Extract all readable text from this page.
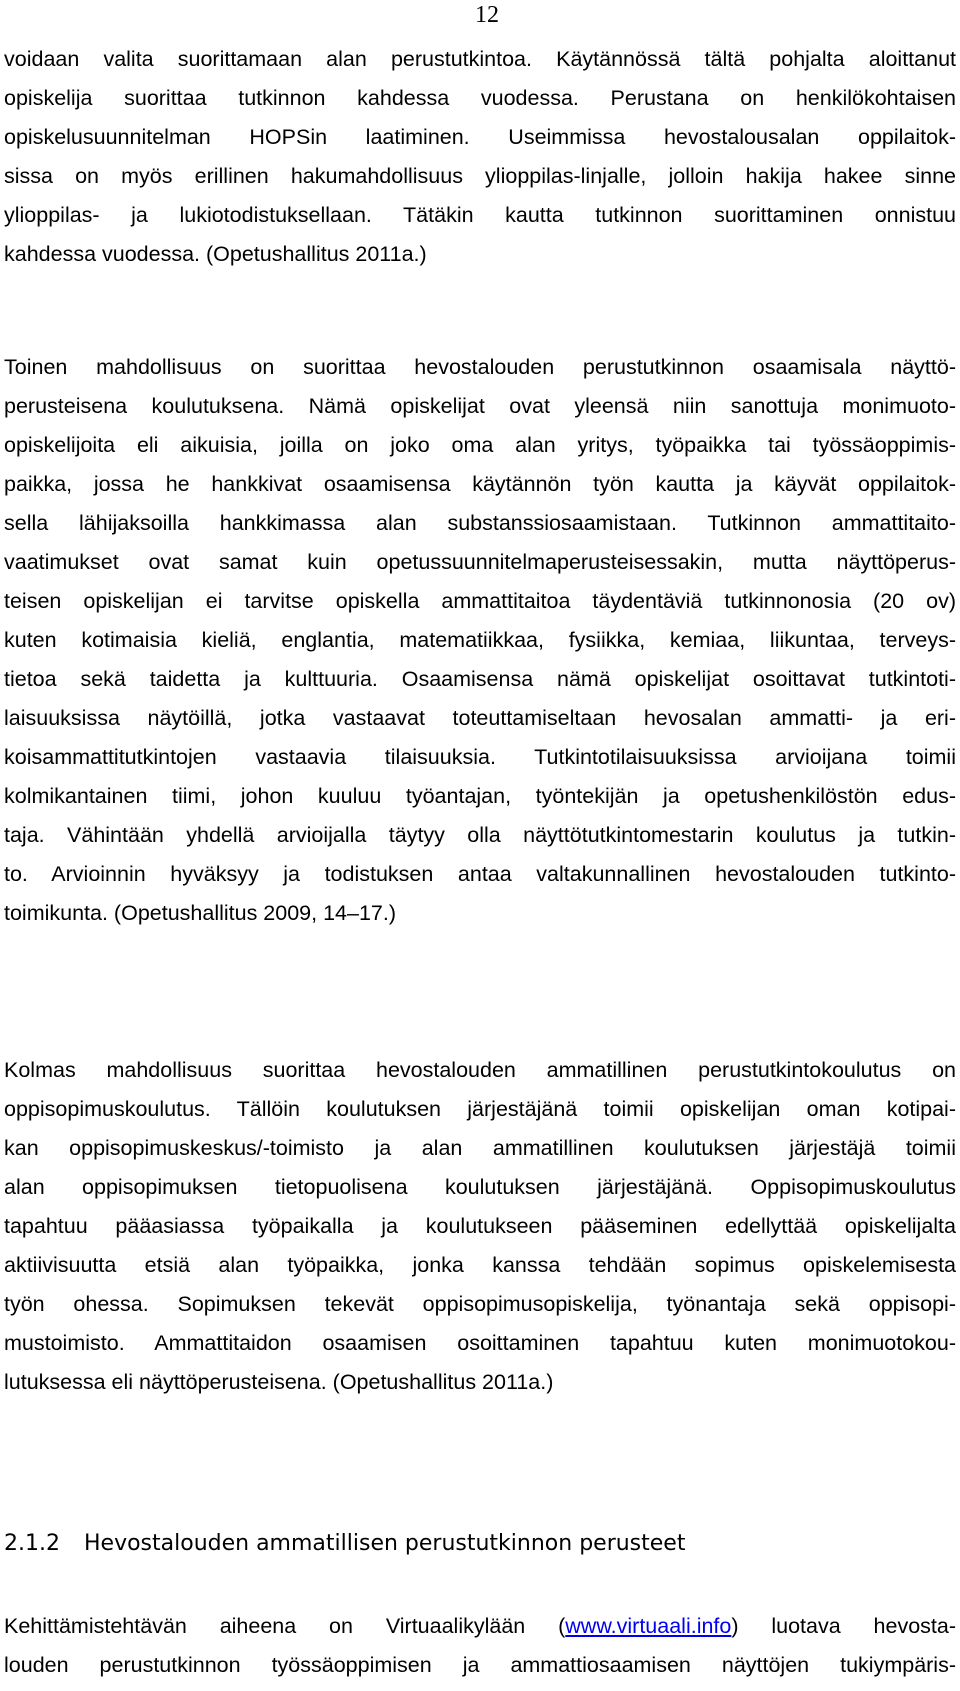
12
voidaan valita suorittamaan alan perustutkintoa. Käytännössä tältä pohjalta aloittanut
opiskelija suorittaa tutkinnon kahdessa vuodessa. Perustana on henkilökohtaisen
opiskelusuunnitelman HOPSin laatiminen. Useimmissa hevostalousalan oppilaitok-
sissa on myös erillinen hakumahdollisuus ylioppilas-linjalle, jolloin hakija hakee sinne
ylioppilas- ja lukiotodistuksellaan. Tätäkin kautta tutkinnon suorittaminen onnistuu
kahdessa vuodessa. (Opetushallitus 2011a.)
Toinen mahdollisuus on suorittaa hevostalouden perustutkinnon osaamisala näyttö-
perusteisena koulutuksena. Nämä opiskelijat ovat yleensä niin sanottuja monimuoto-
opiskelijoita eli aikuisia, joilla on joko oma alan yritys, työpaikka tai työssäoppimis-
paikka, jossa he hankkivat osaamisensa käytännön työn kautta ja käyvät oppilaitok-
sella lähijaksoilla hankkimassa alan substanssiosaamistaan. Tutkinnon ammattitaito-
vaatimukset ovat samat kuin opetussuunnitelmaperusteisessakin, mutta näyttöperus-
teisen opiskelijan ei tarvitse opiskella ammattitaitoa täydentäviä tutkinnonosia (20 ov)
kuten kotimaisia kieliä, englantia, matematiikkaa, fysiikka, kemiaa, liikuntaa, terveys-
tietoa sekä taidetta ja kulttuuria. Osaamisensa nämä opiskelijat osoittavat tutkintoti-
laisuuksissa näytöillä, jotka vastaavat toteuttamiseltaan hevosalan ammatti- ja eri-
koisammattitutkintojen vastaavia tilaisuuksia. Tutkintotilaisuuksissa arvioijana toimii
kolmikantainen tiimi, johon kuuluu työantajan, työntekijän ja opetushenkilöstön edus-
taja. Vähintään yhdellä arvioijalla täytyy olla näyttötutkintomestarin koulutus ja tutkin-
to. Arvioinnin hyväksyy ja todistuksen antaa valtakunnallinen hevostalouden tutkinto-
toimikunta. (Opetushallitus 2009, 14–17.)
Kolmas mahdollisuus suorittaa hevostalouden ammatillinen perustutkintokoulutus on
oppisopimuskoulutus. Tällöin koulutuksen järjestäjänä toimii opiskelijan oman kotipai-
kan oppisopimuskeskus/-toimisto ja alan ammatillinen koulutuksen järjestäjä toimii
alan oppisopimuksen tietopuolisena koulutuksen järjestäjänä. Oppisopimuskoulutus
tapahtuu pääasiassa työpaikalla ja koulutukseen pääseminen edellyttää opiskelijalta
aktiivisuutta etsiä alan työpaikka, jonka kanssa tehdään sopimus opiskelemisesta
työn ohessa. Sopimuksen tekevät oppisopimusopiskelija, työnantaja sekä oppisopi-
mustoimisto. Ammattitaidon osaamisen osoittaminen tapahtuu kuten monimuotokou-
lutuksessa eli näyttöperusteisena. (Opetushallitus 2011a.)
2.1.2 Hevostalouden ammatillisen perustutkinnon perusteet
Kehittämistehtävän aiheena on Virtuaalikylään (www.virtuaali.info) luotava hevosta-
louden perustutkinnon työssäoppimisen ja ammattiosaamisen näyttöjen tukiympäris-
